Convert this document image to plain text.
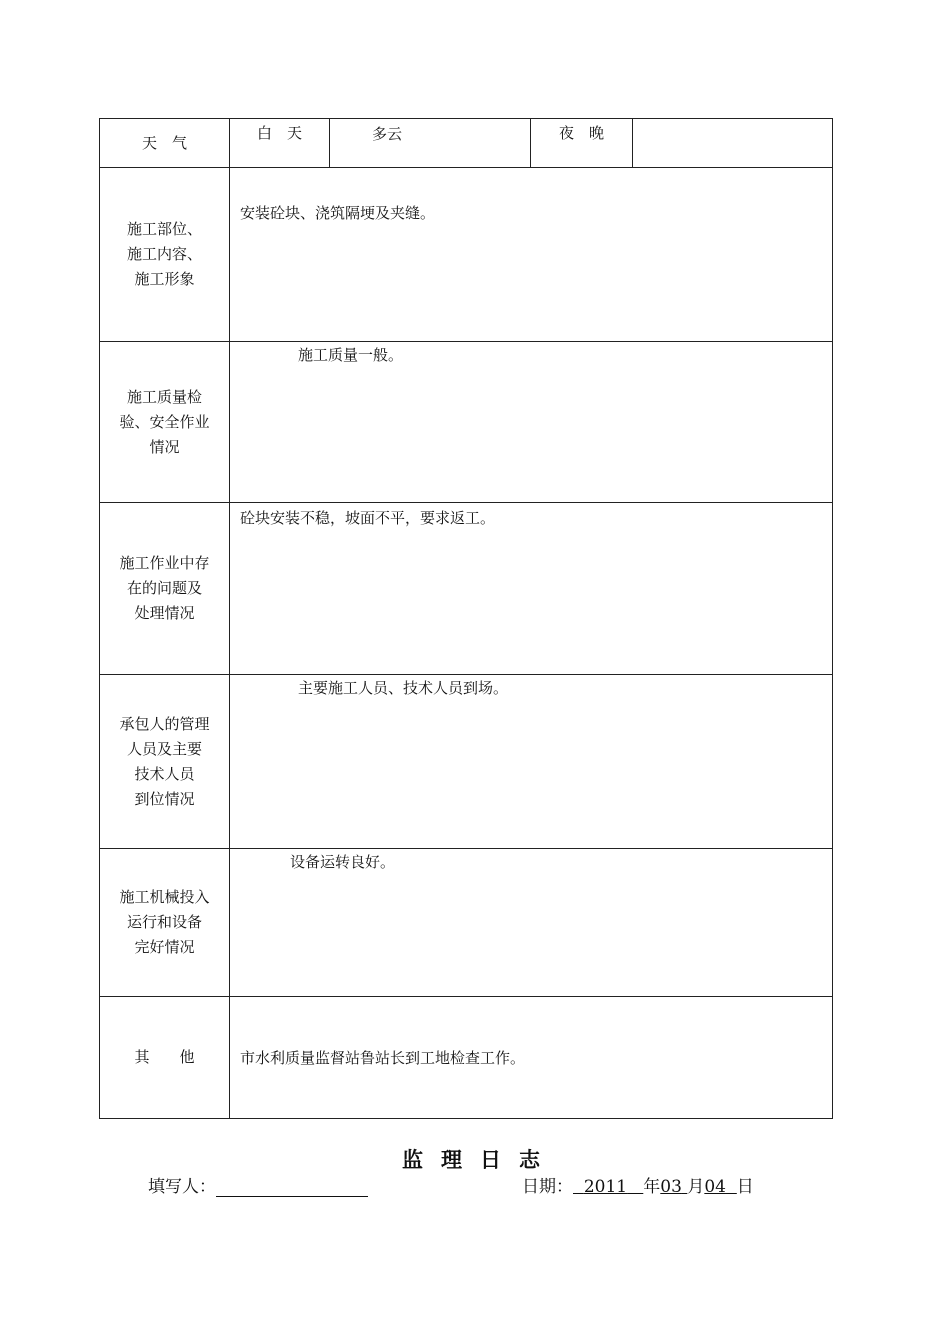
天　气	白　天	多云	夜　晚	

施工部位、
施工内容、
施工形象	安装砼块、浇筑隔埂及夹缝。			

施工质量检
验、安全作业
情况	施工质量一般。			

施工作业中存
在的问题及
处理情况	砼块安装不稳，坡面不平，要求返工。			

承包人的管理
人员及主要
技术人员
到位情况	主要施工人员、技术人员到场。			

施工机械投入
运行和设备
完好情况	设备运转良好。			

其　　他	市水利质量监督站鲁站长到工地检查工作。			
监理日志
填写人：	日期： 2011 年03 月04 日
